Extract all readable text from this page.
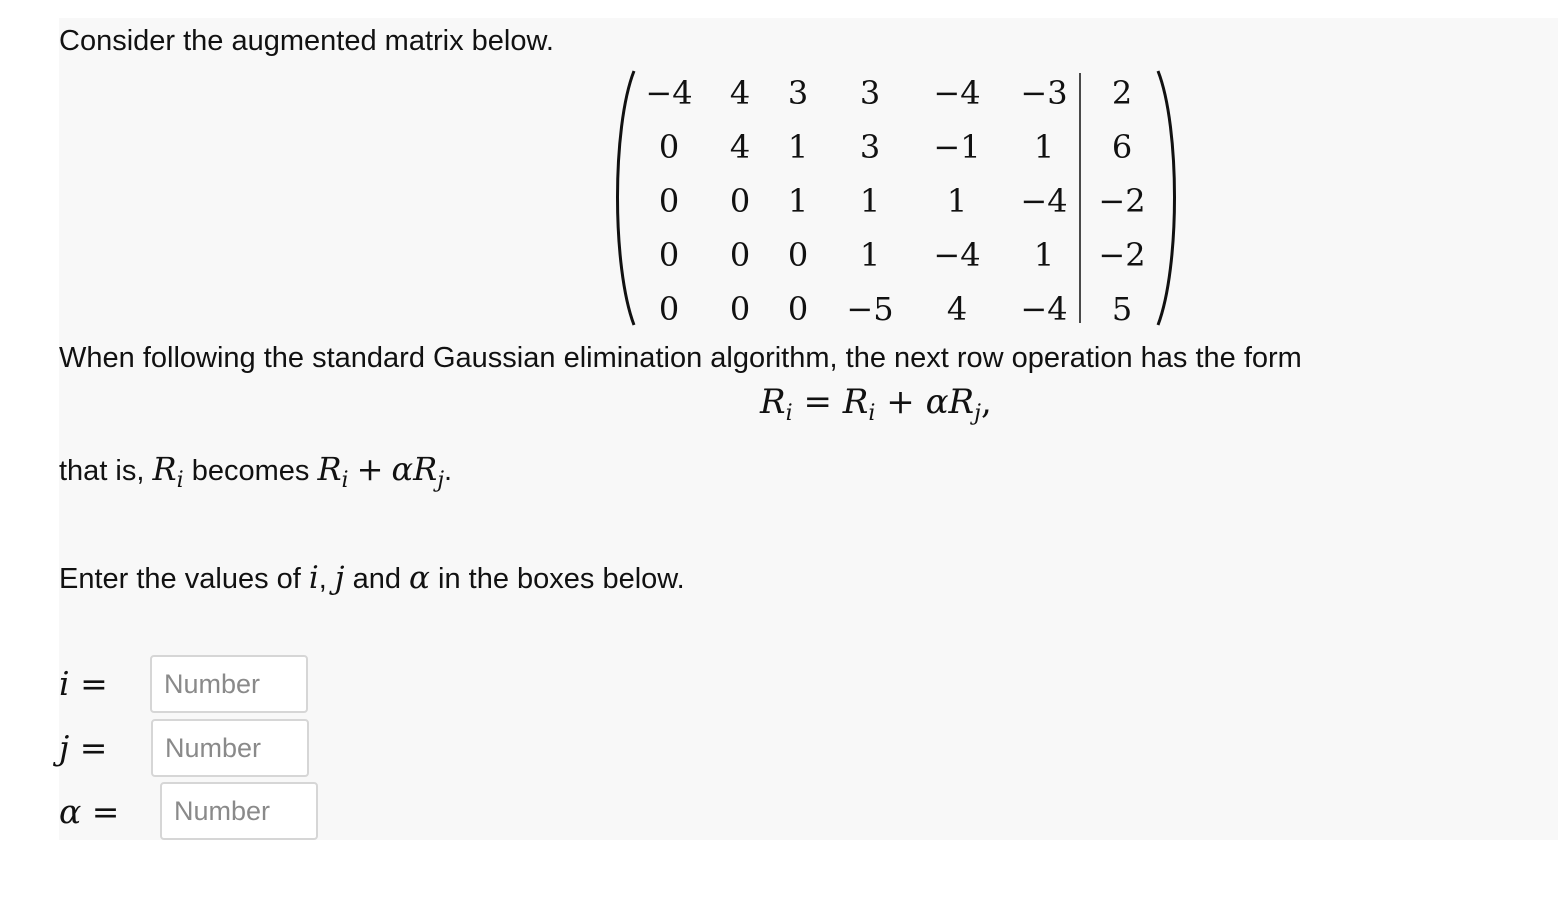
Consider the augmented matrix below.
−4 4 3 3 −4 −3 2
0 4 1 3 −1 1 6
0 0 1 1 1 −4 −2
0 0 0 1 −4 1 −2
0 0 0 −5 4 −4 5
When following the standard Gaussian elimination algorithm, the next row operation has the form
$R_i = R_i + \alpha R_j$,
that is, $R_i$ becomes $R_i + \alpha R_j$.
Enter the values of i, j and α in the boxes below.
i =
Number
j =
Number
α =
Number
